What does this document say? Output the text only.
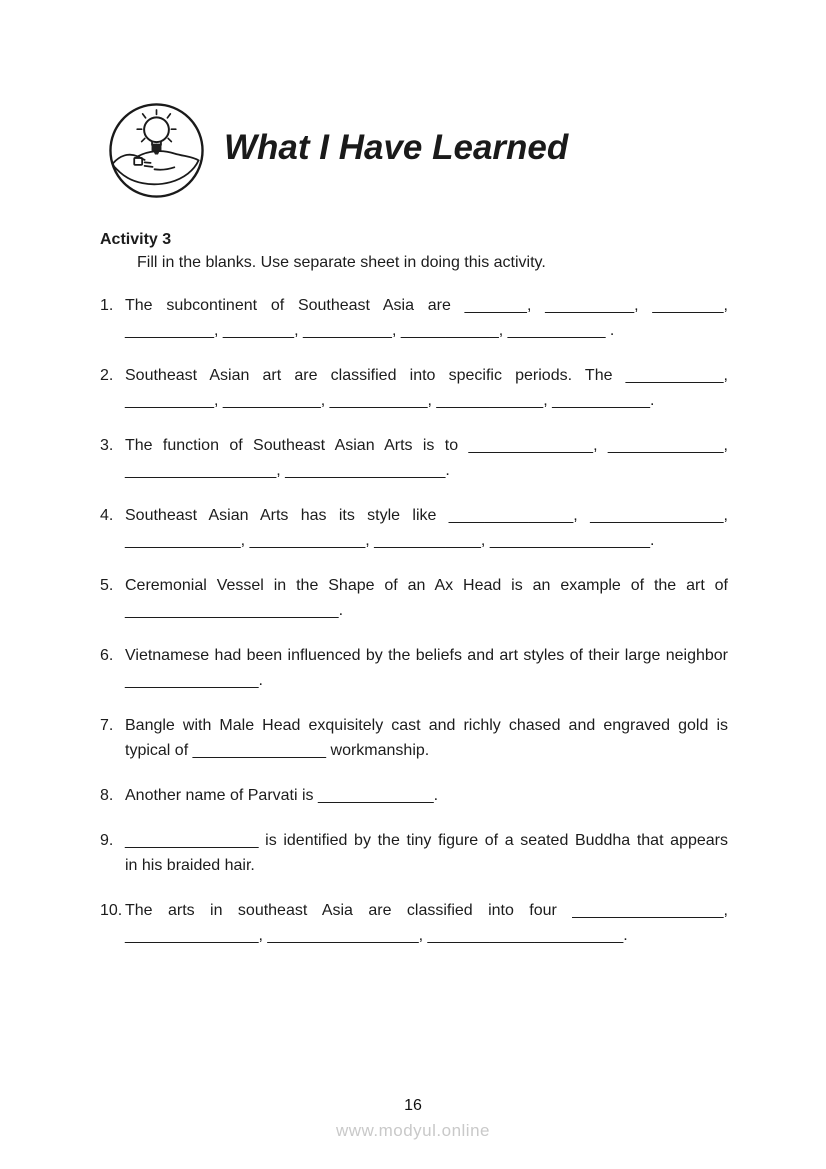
What I Have Learned
Activity 3
Fill in the blanks. Use separate sheet in doing this activity.
1. The subcontinent of Southeast Asia are _______, __________, ________,
__________, ________, __________, ___________, ___________ .
2. Southeast Asian art are classified into specific periods. The ___________,
__________, ___________, ___________, ____________, ___________.
3. The function of Southeast Asian Arts is to ______________, _____________,
_________________, __________________.
4. Southeast Asian Arts has its style like ______________, _______________,
_____________, _____________, ____________, __________________.
5. Ceremonial Vessel in the Shape of an Ax Head is an example of the art of
________________________.
6. Vietnamese had been influenced by the beliefs and art styles of their large neighbor
_______________.
7. Bangle with Male Head exquisitely cast and richly chased and engraved gold is
typical of _______________ workmanship.
8. Another name of Parvati is _____________.
9. _______________ is identified by the tiny figure of a seated Buddha that appears
in his braided hair.
10. The arts in southeast Asia are classified into four _________________,
_______________, _________________, ______________________.
16
www.modyul.online
